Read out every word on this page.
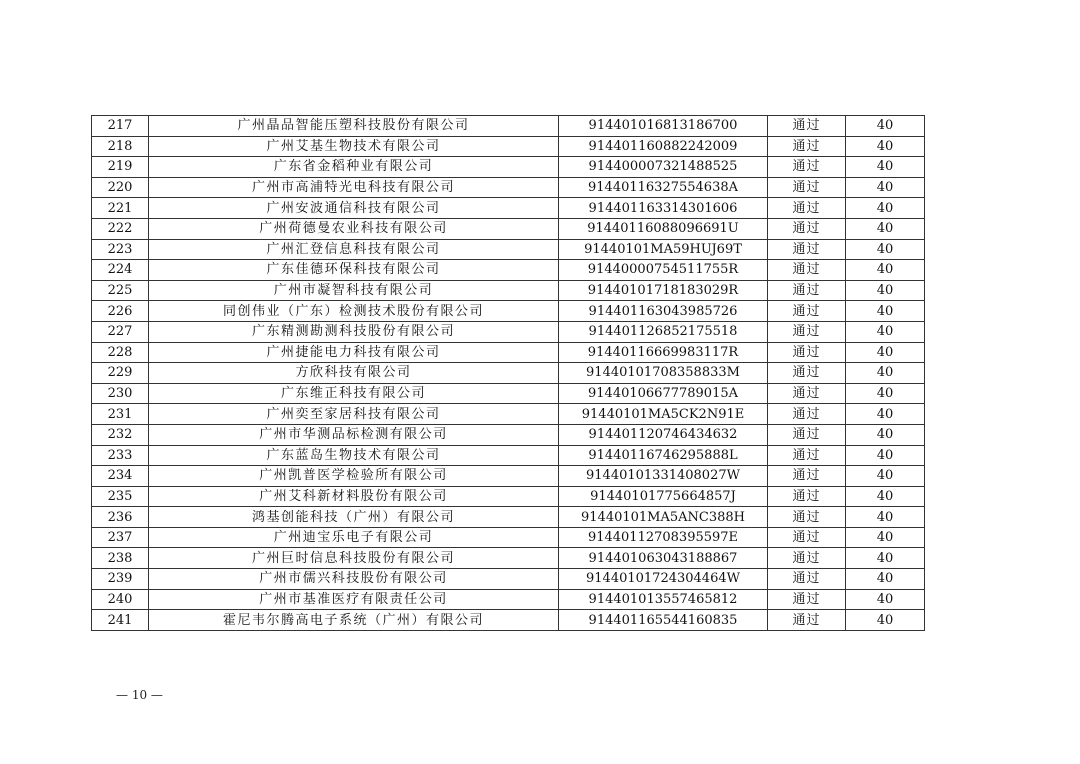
217	广州晶品智能压塑科技股份有限公司	914401016813186700	通过	40
218	广州艾基生物技术有限公司	914401160882242009	通过	40
219	广东省金稻种业有限公司	914400007321488525	通过	40
220	广州市高浦特光电科技有限公司	91440116327554638A	通过	40
221	广州安波通信科技有限公司	914401163314301606	通过	40
222	广州荷德曼农业科技有限公司	91440116088096691U	通过	40
223	广州汇登信息科技有限公司	91440101MA59HUJ69T	通过	40
224	广东佳德环保科技有限公司	91440000754511755R	通过	40
225	广州市凝智科技有限公司	91440101718183029R	通过	40
226	同创伟业（广东）检测技术股份有限公司	914401163043985726	通过	40
227	广东精测勘测科技股份有限公司	914401126852175518	通过	40
228	广州捷能电力科技有限公司	91440116669983117R	通过	40
229	方欣科技有限公司	91440101708358833M	通过	40
230	广东维正科技有限公司	91440106677789015A	通过	40
231	广州奕至家居科技有限公司	91440101MA5CK2N91E	通过	40
232	广州市华测品标检测有限公司	914401120746434632	通过	40
233	广东蓝岛生物技术有限公司	91440116746295888L	通过	40
234	广州凯普医学检验所有限公司	91440101331408027W	通过	40
235	广州艾科新材料股份有限公司	91440101775664857J	通过	40
236	鸿基创能科技（广州）有限公司	91440101MA5ANC388H	通过	40
237	广州迪宝乐电子有限公司	91440112708395597E	通过	40
238	广州巨时信息科技股份有限公司	914401063043188867	通过	40
239	广州市儒兴科技股份有限公司	91440101724304464W	通过	40
240	广州市基准医疗有限责任公司	914401013557465812	通过	40
241	霍尼韦尔腾高电子系统（广州）有限公司	914401165544160835	通过	40
— 10 —
